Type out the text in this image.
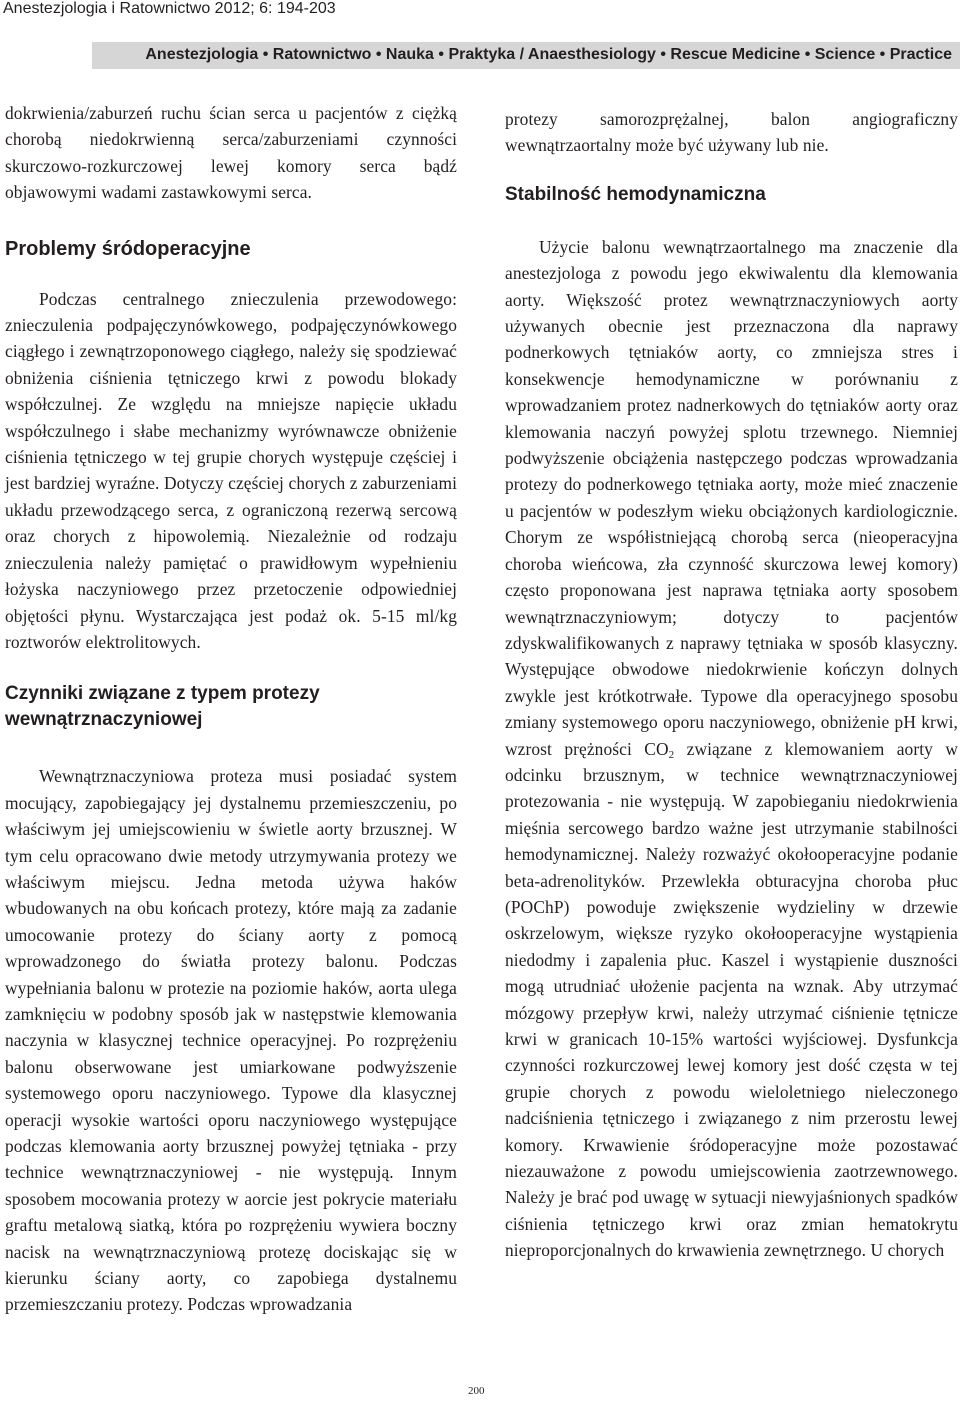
Anestezjologia i Ratownictwo 2012; 6: 194-203
Anestezjologia • Ratownictwo • Nauka • Praktyka / Anaesthesiology • Rescue Medicine • Science • Practice

dokrwienia/zaburzeń ruchu ścian serca u pacjentów z ciężką chorobą niedokrwienną serca/zaburzeniami czynności skurczowo-rozkurczowej lewej komory serca bądź objawowymi wadami zastawkowymi serca.

Problemy śródoperacyjne

Podczas centralnego znieczulenia przewodowego: znieczulenia podpajęczynówkowego, podpajęczynówkowego ciągłego i zewnątrzoponowego ciągłego, należy się spodziewać obniżenia ciśnienia tętniczego krwi z powodu blokady współczulnej. Ze względu na mniejsze napięcie układu współczulnego i słabe mechanizmy wyrównawcze obniżenie ciśnienia tętniczego w tej grupie chorych występuje częściej i jest bardziej wyraźne. Dotyczy częściej chorych z zaburzeniami układu przewodzącego serca, z ograniczoną rezerwą sercową oraz chorych z hipowolemią. Niezależnie od rodzaju znieczulenia należy pamiętać o prawidłowym wypełnieniu łożyska naczyniowego przez przetoczenie odpowiedniej objętości płynu. Wystarczająca jest podaż ok. 5-15 ml/kg roztworów elektrolitowych.

Czynniki związane z typem protezy
wewnątrznaczyniowej

Wewnątrznaczyniowa proteza musi posiadać system mocujący, zapobiegający jej dystalnemu przemieszczeniu, po właściwym jej umiejscowieniu w świetle aorty brzusznej. W tym celu opracowano dwie metody utrzymywania protezy we właściwym miejscu. Jedna metoda używa haków wbudowanych na obu końcach protezy, które mają za zadanie umocowanie protezy do ściany aorty z pomocą wprowadzonego do światła protezy balonu. Podczas wypełniania balonu w protezie na poziomie haków, aorta ulega zamknięciu w podobny sposób jak w następstwie klemowania naczynia w klasycznej technice operacyjnej. Po rozprężeniu balonu obserwowane jest umiarkowane podwyższenie systemowego oporu naczyniowego. Typowe dla klasycznej operacji wysokie wartości oporu naczyniowego występujące podczas klemowania aorty brzusznej powyżej tętniaka - przy technice wewnątrznaczyniowej - nie występują. Innym sposobem mocowania protezy w aorcie jest pokrycie materiału graftu metalową siatką, która po rozprężeniu wywiera boczny nacisk na wewnątrznaczyniową protezę dociskając się w kierunku ściany aorty, co zapobiega dystalnemu przemieszczaniu protezy. Podczas wprowadzania

protezy samorozprężalnej, balon angiograficzny wewnątrzaortalny może być używany lub nie.

Stabilność hemodynamiczna

Użycie balonu wewnątrzaortalnego ma znaczenie dla anestezjologa z powodu jego ekwiwalentu dla klemowania aorty. Większość protez wewnątrznaczyniowych aorty używanych obecnie jest przeznaczona dla naprawy podnerkowych tętniaków aorty, co zmniejsza stres i konsekwencje hemodynamiczne w porównaniu z wprowadzaniem protez nadnerkowych do tętniaków aorty oraz klemowania naczyń powyżej splotu trzewnego. Niemniej podwyższenie obciążenia następczego podczas wprowadzania protezy do podnerkowego tętniaka aorty, może mieć znaczenie u pacjentów w podeszłym wieku obciążonych kardiologicznie. Chorym ze współistniejącą chorobą serca (nieoperacyjna choroba wieńcowa, zła czynność skurczowa lewej komory) często proponowana jest naprawa tętniaka aorty sposobem wewnątrznaczyniowym; dotyczy to pacjentów zdyskwalifikowanych z naprawy tętniaka w sposób klasyczny. Występujące obwodowe niedokrwienie kończyn dolnych zwykle jest krótkotrwałe. Typowe dla operacyjnego sposobu zmiany systemowego oporu naczyniowego, obniżenie pH krwi, wzrost prężności $CO_2$ związane z klemowaniem aorty w odcinku brzusznym, w technice wewnątrznaczyniowej protezowania - nie występują. W zapobieganiu niedokrwienia mięśnia sercowego bardzo ważne jest utrzymanie stabilności hemodynamicznej. Należy rozważyć okołooperacyjne podanie beta-adrenolityków. Przewlekła obturacyjna choroba płuc (POChP) powoduje zwiększenie wydzieliny w drzewie oskrzelowym, większe ryzyko okołooperacyjne wystąpienia niedodmy i zapalenia płuc. Kaszel i wystąpienie duszności mogą utrudniać ułożenie pacjenta na wznak. Aby utrzymać mózgowy przepływ krwi, należy utrzymać ciśnienie tętnicze krwi w granicach 10-15% wartości wyjściowej. Dysfunkcja czynności rozkurczowej lewej komory jest dość częsta w tej grupie chorych z powodu wieloletniego nieleczonego nadciśnienia tętniczego i związanego z nim przerostu lewej komory. Krwawienie śródoperacyjne może pozostawać niezauważone z powodu umiejscowienia zaotrzewnowego. Należy je brać pod uwagę w sytuacji niewyjaśnionych spadków ciśnienia tętniczego krwi oraz zmian hematokrytu nieproporcjonalnych do krwawienia zewnętrznego. U chorych

200
